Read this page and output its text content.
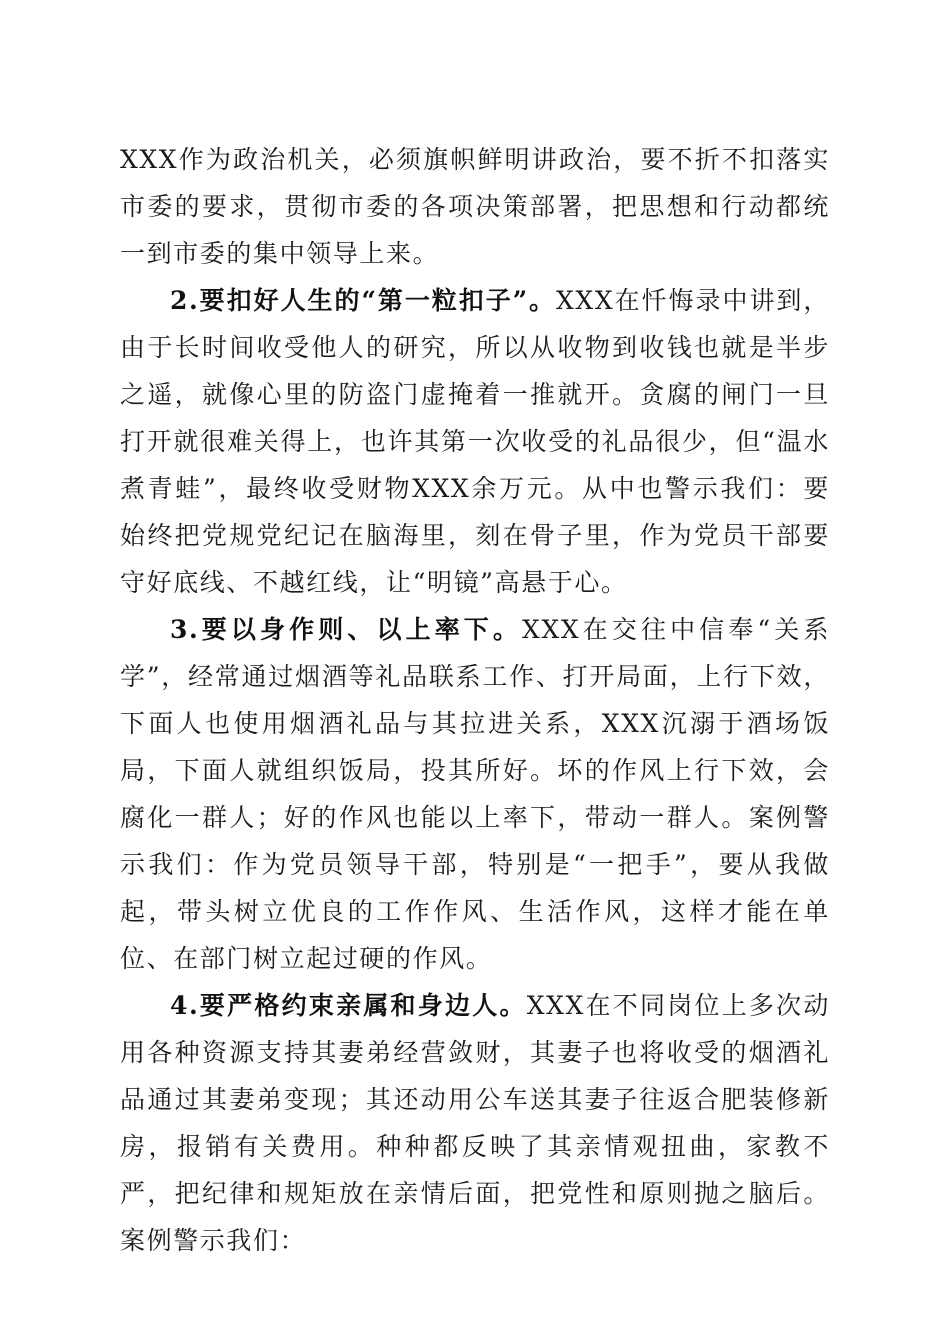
XXX作为政治机关，必须旗帜鲜明讲政治，要不折不扣落实市委的要求，贯彻市委的各项决策部署，把思想和行动都统一到市委的集中领导上来。

2.要扣好人生的“第一粒扣子”。XXX在忏悔录中讲到，由于长时间收受他人的研究，所以从收物到收钱也就是半步之遥，就像心里的防盗门虚掩着一推就开。贪腐的闸门一旦打开就很难关得上，也许其第一次收受的礼品很少，但“温水煮青蛙”，最终收受财物XXX余万元。从中也警示我们：要始终把党规党纪记在脑海里，刻在骨子里，作为党员干部要守好底线、不越红线，让“明镜”高悬于心。

3.要以身作则、以上率下。XXX在交往中信奉“关系学”，经常通过烟酒等礼品联系工作、打开局面，上行下效，下面人也使用烟酒礼品与其拉进关系，XXX沉溺于酒场饭局，下面人就组织饭局，投其所好。坏的作风上行下效，会腐化一群人；好的作风也能以上率下，带动一群人。案例警示我们：作为党员领导干部，特别是“一把手”，要从我做起，带头树立优良的工作作风、生活作风，这样才能在单位、在部门树立起过硬的作风。

4.要严格约束亲属和身边人。XXX在不同岗位上多次动用各种资源支持其妻弟经营敛财，其妻子也将收受的烟酒礼品通过其妻弟变现；其还动用公车送其妻子往返合肥装修新房，报销有关费用。种种都反映了其亲情观扭曲，家教不严，把纪律和规矩放在亲情后面，把党性和原则抛之脑后。案例警示我们：
